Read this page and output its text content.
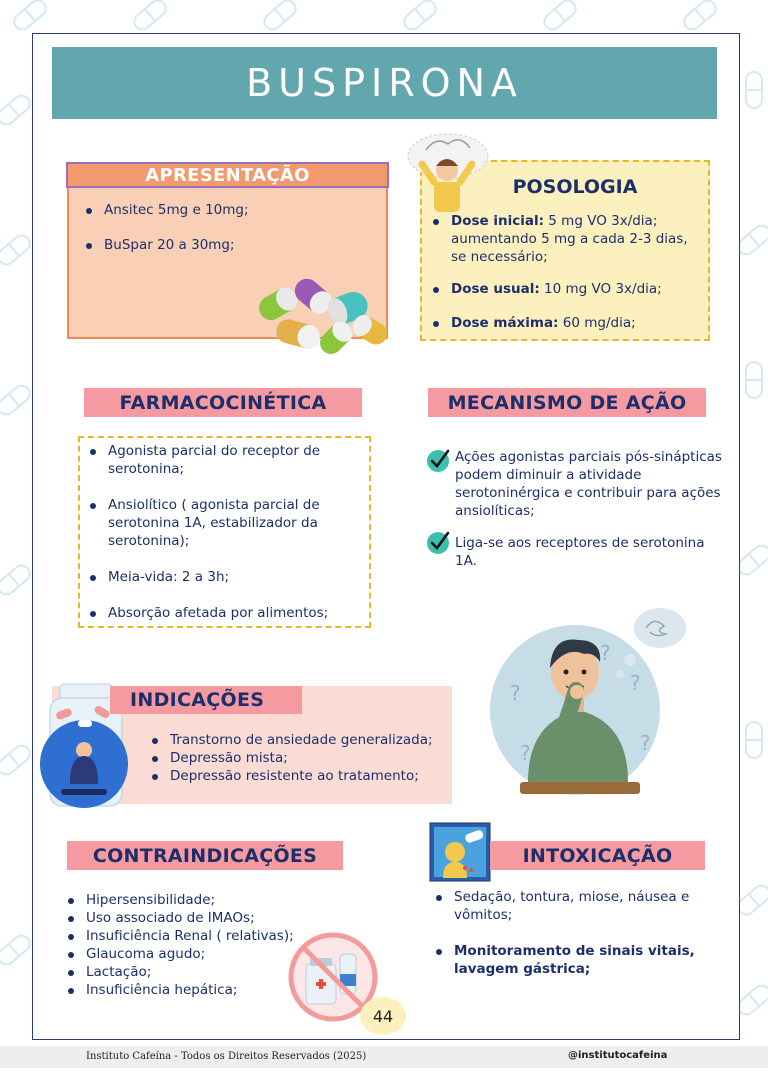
BUSPIRONA
APRESENTAÇÃO
Ansitec 5mg e 10mg;
BuSpar 20 a 30mg;
POSOLOGIA
Dose inicial: 5 mg VO 3x/dia; aumentando 5 mg a cada 2-3 dias, se necessário;
Dose usual: 10 mg VO 3x/dia;
Dose máxima: 60 mg/dia;
FARMACOCINÉTICA
Agonista parcial do receptor de serotonina;
Ansiolítico ( agonista parcial de serotonina 1A, estabilizador da serotonina);
Meia-vida: 2 a 3h;
Absorção afetada por alimentos;
MECANISMO DE AÇÃO
Ações agonistas parciais pós-sinápticas podem diminuir a atividade serotoninérgica e contribuir para ações ansiolíticas;
Liga-se aos receptores de serotonina 1A.
?	?
?	?
?
INDICAÇÕES
Transtorno de ansiedade generalizada;
Depressão mista;
Depressão resistente ao tratamento;
CONTRAINDICAÇÕES
Hipersensibilidade;
Uso associado de IMAOs;
Insuficiência Renal ( relativas);
Glaucoma agudo;
Lactação;
Insuficiência hepática;
44
INTOXICAÇÃO
Sedação, tontura, miose, náusea e vômitos;
Monitoramento de sinais vitais, lavagem gástrica;
Instituto Cafeína - Todos os Direitos Reservados (2025)	@institutocafeina
